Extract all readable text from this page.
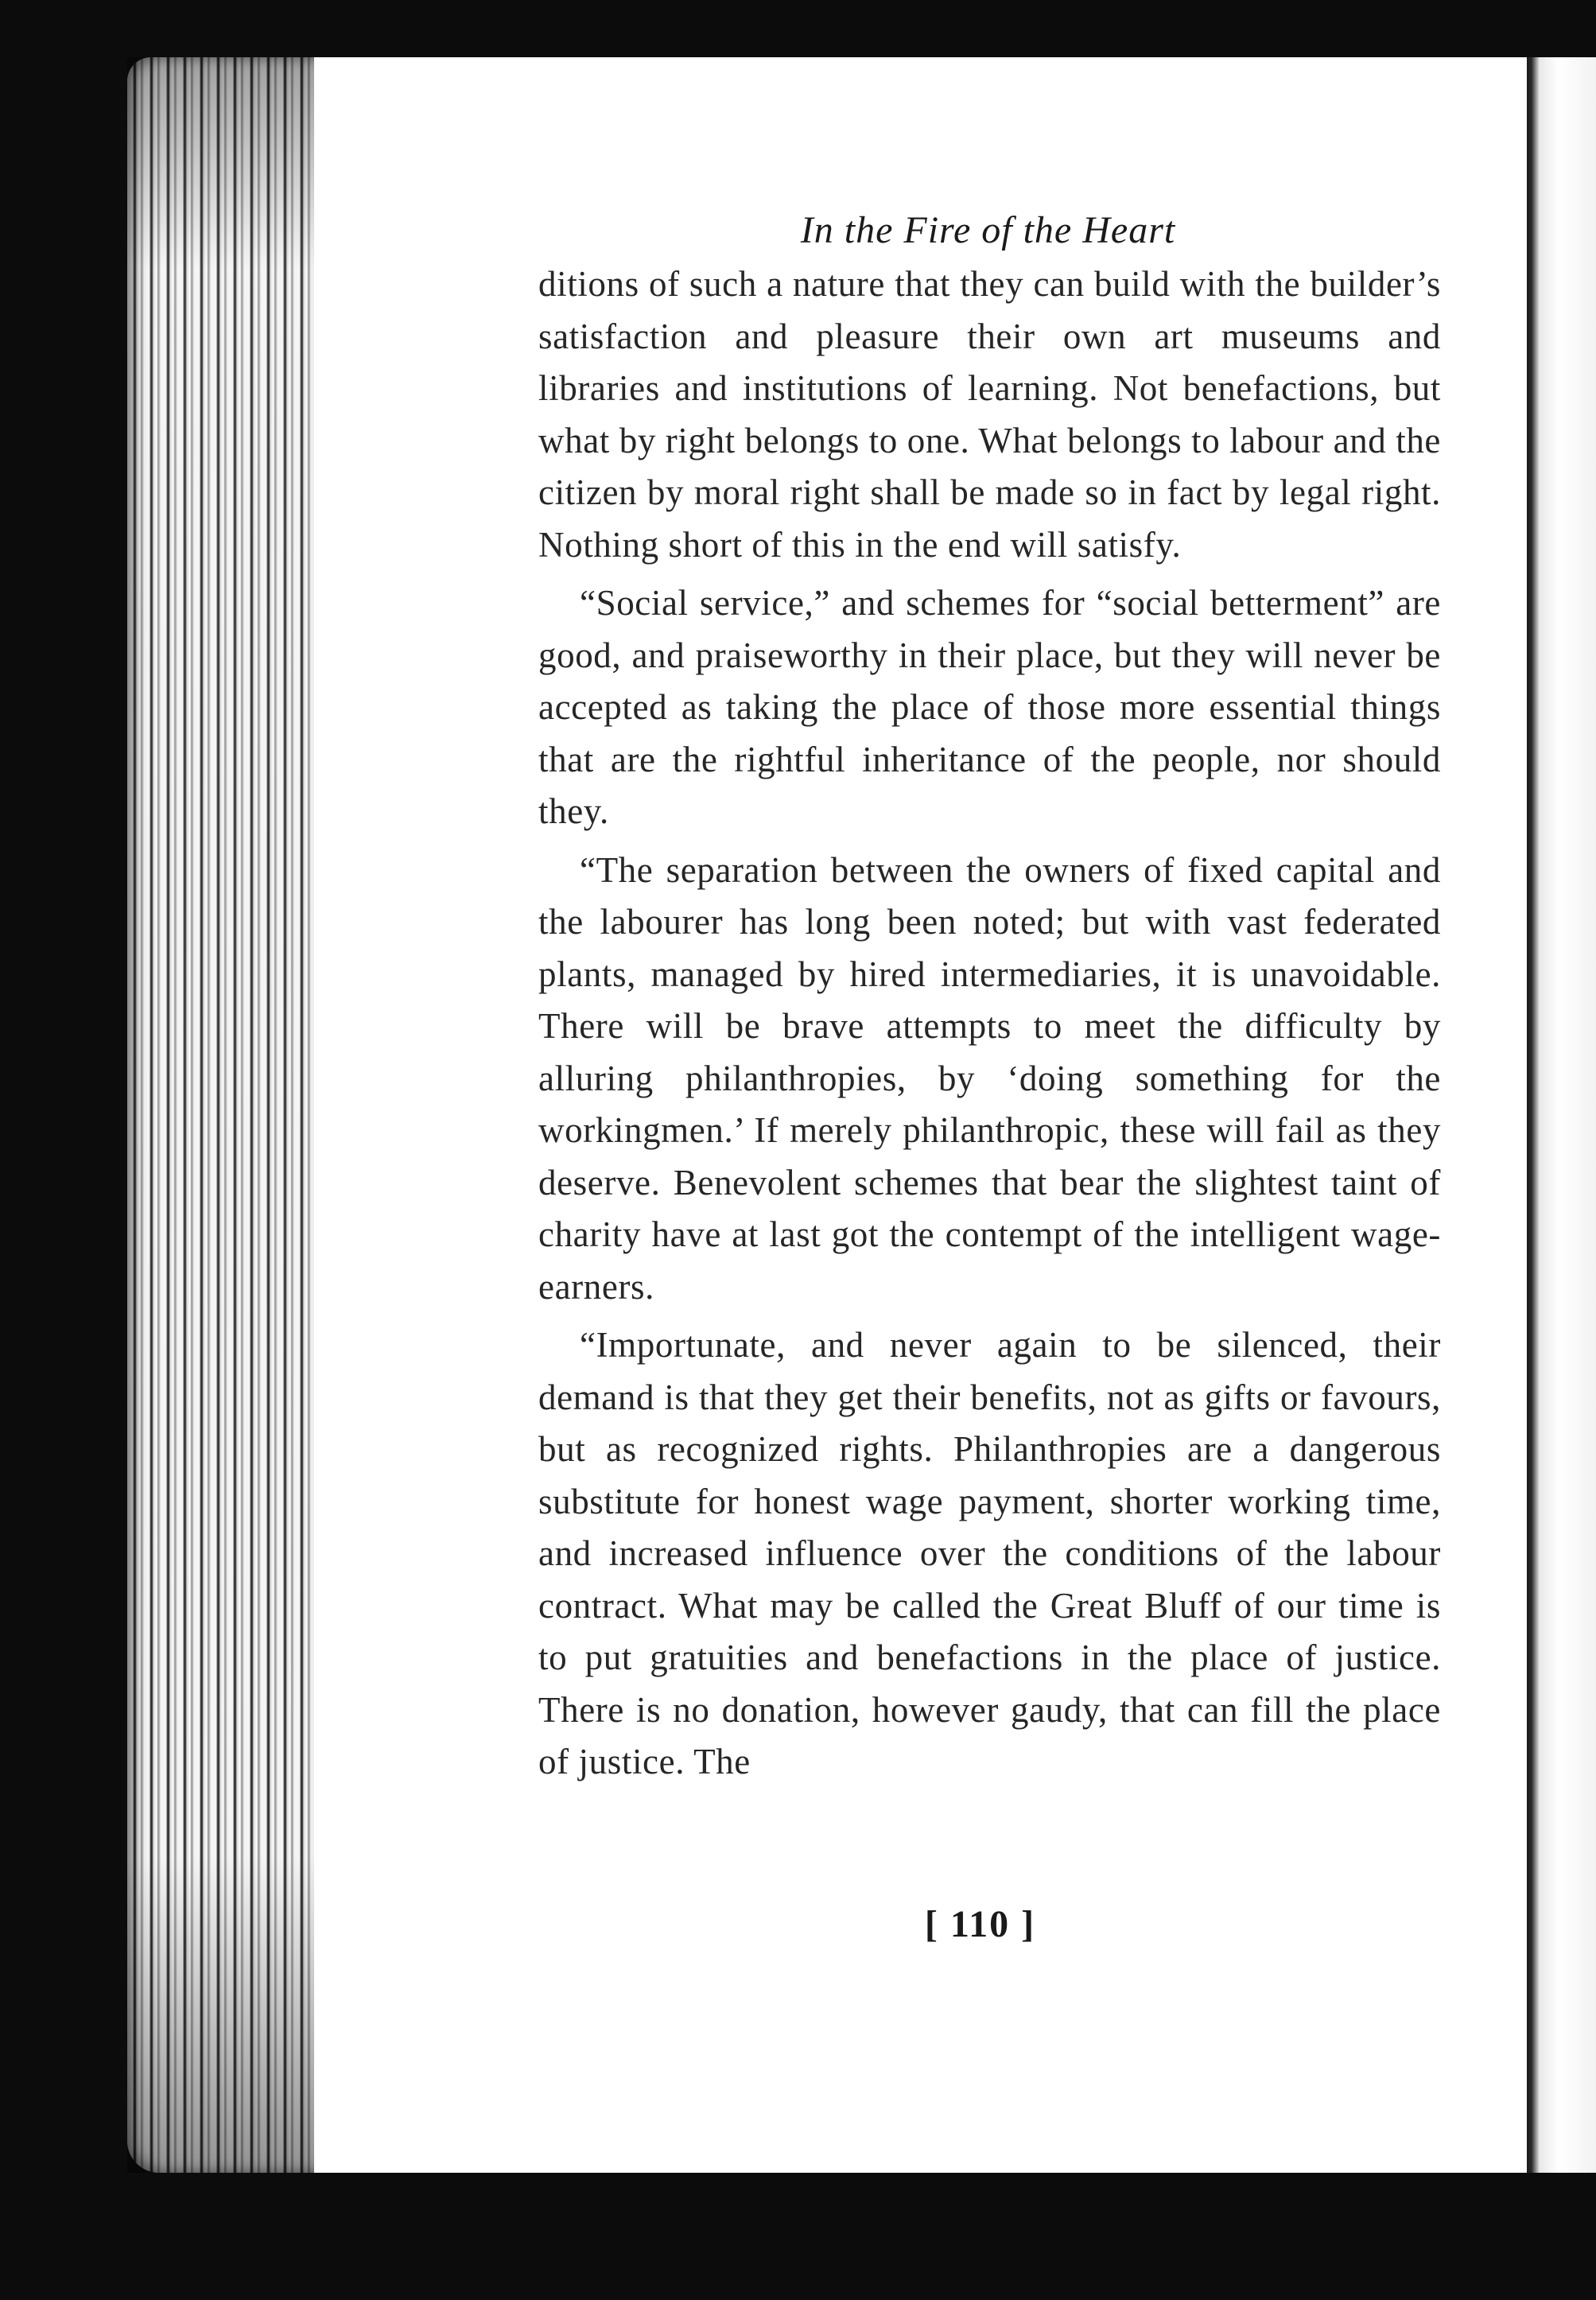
In the Fire of the Heart
[ 110 ]

ditions of such a nature that they can build with the builder’s satisfaction and pleasure their own art museums and libraries and institutions of learning. Not benefactions, but what by right belongs to one. What belongs to labour and the citizen by moral right shall be made so in fact by legal right. Nothing short of this in the end will satisfy.

“Social service,” and schemes for “social betterment” are good, and praiseworthy in their place, but they will never be accepted as taking the place of those more essential things that are the rightful inheritance of the people, nor should they.

“The separation between the owners of fixed capital and the labourer has long been noted; but with vast federated plants, managed by hired intermediaries, it is unavoidable. There will be brave attempts to meet the difficulty by alluring philanthropies, by ‘doing something for the workingmen.’ If merely philanthropic, these will fail as they deserve. Benevolent schemes that bear the slightest taint of charity have at last got the contempt of the intelligent wage-earners.

“Importunate, and never again to be silenced, their demand is that they get their benefits, not as gifts or favours, but as recognized rights. Philanthropies are a dangerous substitute for honest wage payment, shorter working time, and increased influence over the conditions of the labour contract. What may be called the Great Bluff of our time is to put gratuities and benefactions in the place of justice. There is no donation, however gaudy, that can fill the place of justice. The
